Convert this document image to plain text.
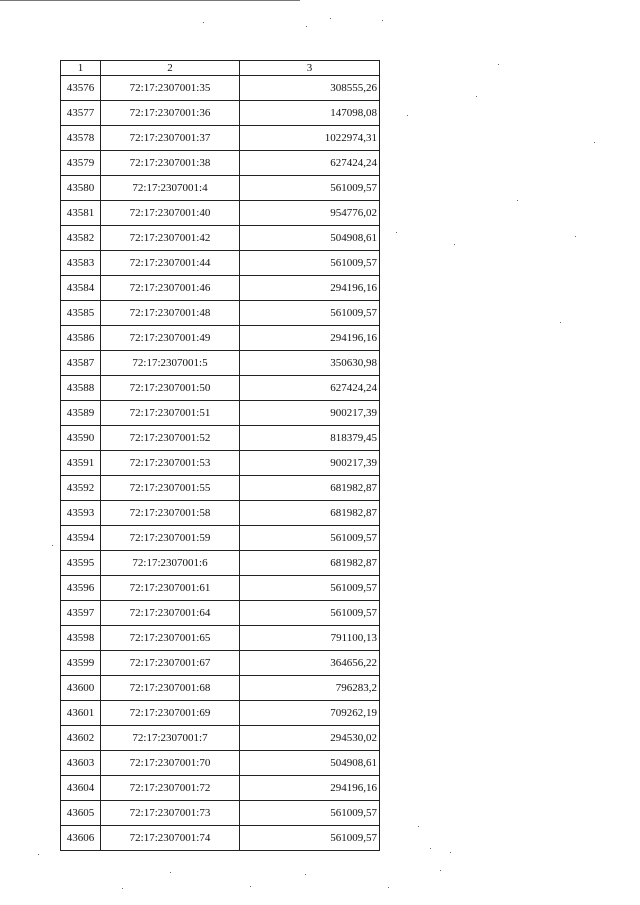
1	2	3
43576	72:17:2307001:35	308555,26
43577	72:17:2307001:36	147098,08
43578	72:17:2307001:37	1022974,31
43579	72:17:2307001:38	627424,24
43580	72:17:2307001:4	561009,57
43581	72:17:2307001:40	954776,02
43582	72:17:2307001:42	504908,61
43583	72:17:2307001:44	561009,57
43584	72:17:2307001:46	294196,16
43585	72:17:2307001:48	561009,57
43586	72:17:2307001:49	294196,16
43587	72:17:2307001:5	350630,98
43588	72:17:2307001:50	627424,24
43589	72:17:2307001:51	900217,39
43590	72:17:2307001:52	818379,45
43591	72:17:2307001:53	900217,39
43592	72:17:2307001:55	681982,87
43593	72:17:2307001:58	681982,87
43594	72:17:2307001:59	561009,57
43595	72:17:2307001:6	681982,87
43596	72:17:2307001:61	561009,57
43597	72:17:2307001:64	561009,57
43598	72:17:2307001:65	791100,13
43599	72:17:2307001:67	364656,22
43600	72:17:2307001:68	796283,2
43601	72:17:2307001:69	709262,19
43602	72:17:2307001:7	294530,02
43603	72:17:2307001:70	504908,61
43604	72:17:2307001:72	294196,16
43605	72:17:2307001:73	561009,57
43606	72:17:2307001:74	561009,57
